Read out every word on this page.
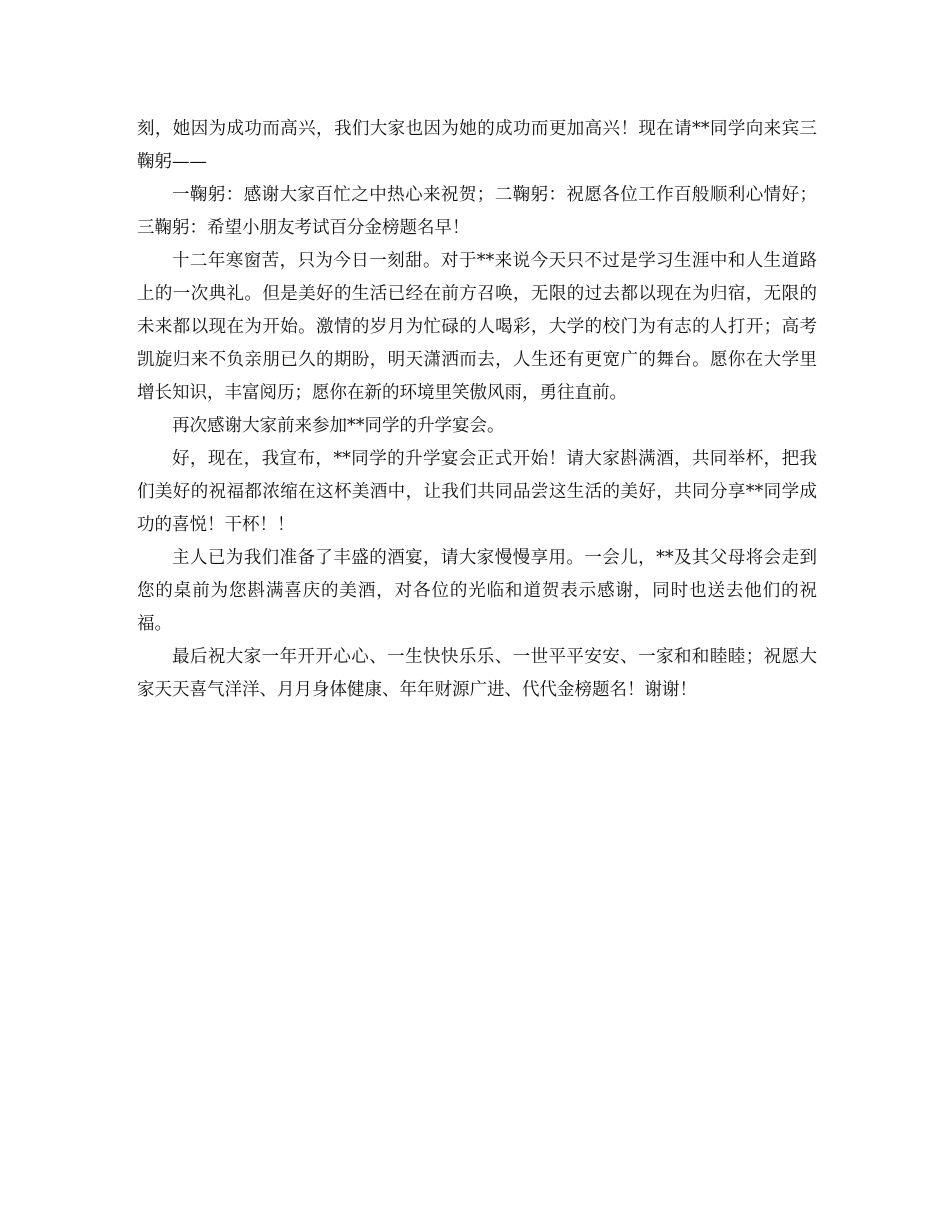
刻，她因为成功而高兴，我们大家也因为她的成功而更加高兴！现在请**同学向来宾三鞠躬——

一鞠躬：感谢大家百忙之中热心来祝贺；二鞠躬：祝愿各位工作百般顺利心情好；三鞠躬：希望小朋友考试百分金榜题名早！

十二年寒窗苦，只为今日一刻甜。对于**来说今天只不过是学习生涯中和人生道路上的一次典礼。但是美好的生活已经在前方召唤，无限的过去都以现在为归宿，无限的未来都以现在为开始。激情的岁月为忙碌的人喝彩，大学的校门为有志的人打开；高考凯旋归来不负亲朋已久的期盼，明天潇洒而去，人生还有更宽广的舞台。愿你在大学里增长知识，丰富阅历；愿你在新的环境里笑傲风雨，勇往直前。

再次感谢大家前来参加**同学的升学宴会。

好，现在，我宣布，**同学的升学宴会正式开始！请大家斟满酒，共同举杯，把我们美好的祝福都浓缩在这杯美酒中，让我们共同品尝这生活的美好，共同分享**同学成功的喜悦！干杯！！

主人已为我们准备了丰盛的酒宴，请大家慢慢享用。一会儿，**及其父母将会走到您的桌前为您斟满喜庆的美酒，对各位的光临和道贺表示感谢，同时也送去他们的祝福。

最后祝大家一年开开心心、一生快快乐乐、一世平平安安、一家和和睦睦；祝愿大家天天喜气洋洋、月月身体健康、年年财源广进、代代金榜题名！谢谢！
